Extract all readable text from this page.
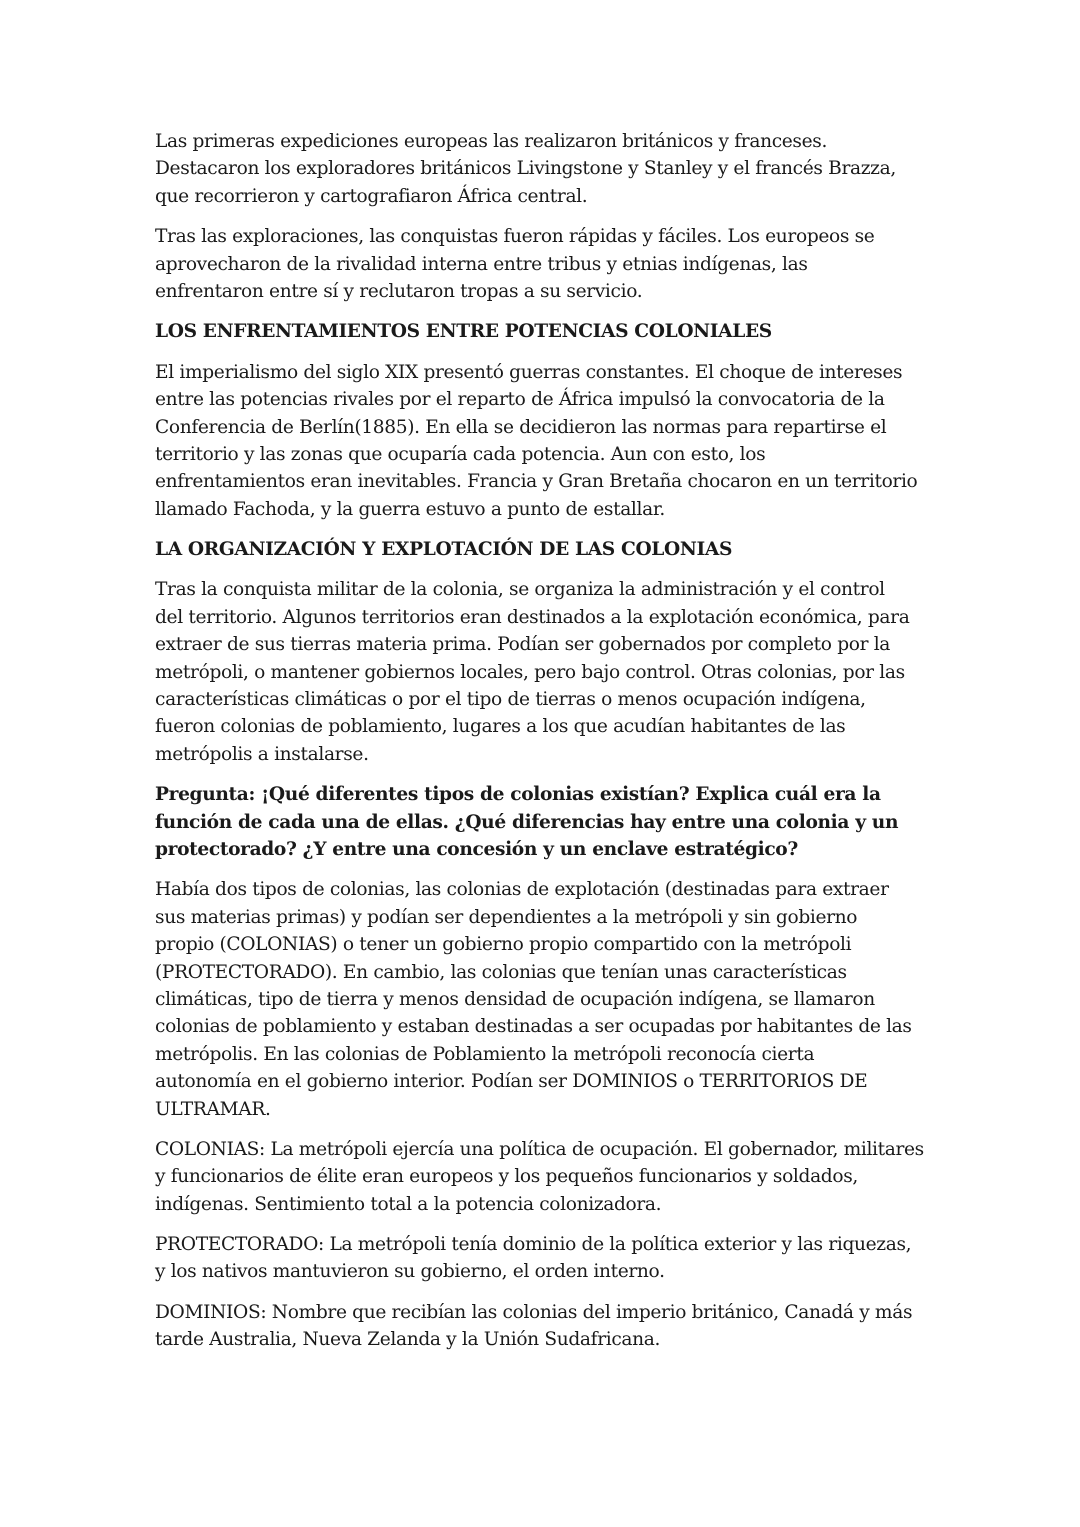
Las primeras expediciones europeas las realizaron británicos y franceses.
Destacaron los exploradores británicos Livingstone y Stanley y el francés Brazza,
que recorrieron y cartografiaron África central.
Tras las exploraciones, las conquistas fueron rápidas y fáciles. Los europeos se
aprovecharon de la rivalidad interna entre tribus y etnias indígenas, las
enfrentaron entre sí y reclutaron tropas a su servicio.
LOS ENFRENTAMIENTOS ENTRE POTENCIAS COLONIALES
El imperialismo del siglo XIX presentó guerras constantes. El choque de intereses
entre las potencias rivales por el reparto de África impulsó la convocatoria de la
Conferencia de Berlín(1885). En ella se decidieron las normas para repartirse el
territorio y las zonas que ocuparía cada potencia. Aun con esto, los
enfrentamientos eran inevitables. Francia y Gran Bretaña chocaron en un territorio
llamado Fachoda, y la guerra estuvo a punto de estallar.
LA ORGANIZACIÓN Y EXPLOTACIÓN DE LAS COLONIAS
Tras la conquista militar de la colonia, se organiza la administración y el control
del territorio. Algunos territorios eran destinados a la explotación económica, para
extraer de sus tierras materia prima. Podían ser gobernados por completo por la
metrópoli, o mantener gobiernos locales, pero bajo control. Otras colonias, por las
características climáticas o por el tipo de tierras o menos ocupación indígena,
fueron colonias de poblamiento, lugares a los que acudían habitantes de las
metrópolis a instalarse.
Pregunta: ¡Qué diferentes tipos de colonias existían? Explica cuál era la
función de cada una de ellas. ¿Qué diferencias hay entre una colonia y un
protectorado? ¿Y entre una concesión y un enclave estratégico?
Había dos tipos de colonias, las colonias de explotación (destinadas para extraer
sus materias primas) y podían ser dependientes a la metrópoli y sin gobierno
propio (COLONIAS) o tener un gobierno propio compartido con la metrópoli
(PROTECTORADO). En cambio, las colonias que tenían unas características
climáticas, tipo de tierra y menos densidad de ocupación indígena, se llamaron
colonias de poblamiento y estaban destinadas a ser ocupadas por habitantes de las
metrópolis. En las colonias de Poblamiento la metrópoli reconocía cierta
autonomía en el gobierno interior. Podían ser DOMINIOS o TERRITORIOS DE
ULTRAMAR.
COLONIAS: La metrópoli ejercía una política de ocupación. El gobernador, militares
y funcionarios de élite eran europeos y los pequeños funcionarios y soldados,
indígenas. Sentimiento total a la potencia colonizadora.
PROTECTORADO: La metrópoli tenía dominio de la política exterior y las riquezas,
y los nativos mantuvieron su gobierno, el orden interno.
DOMINIOS: Nombre que recibían las colonias del imperio británico, Canadá y más
tarde Australia, Nueva Zelanda y la Unión Sudafricana.
